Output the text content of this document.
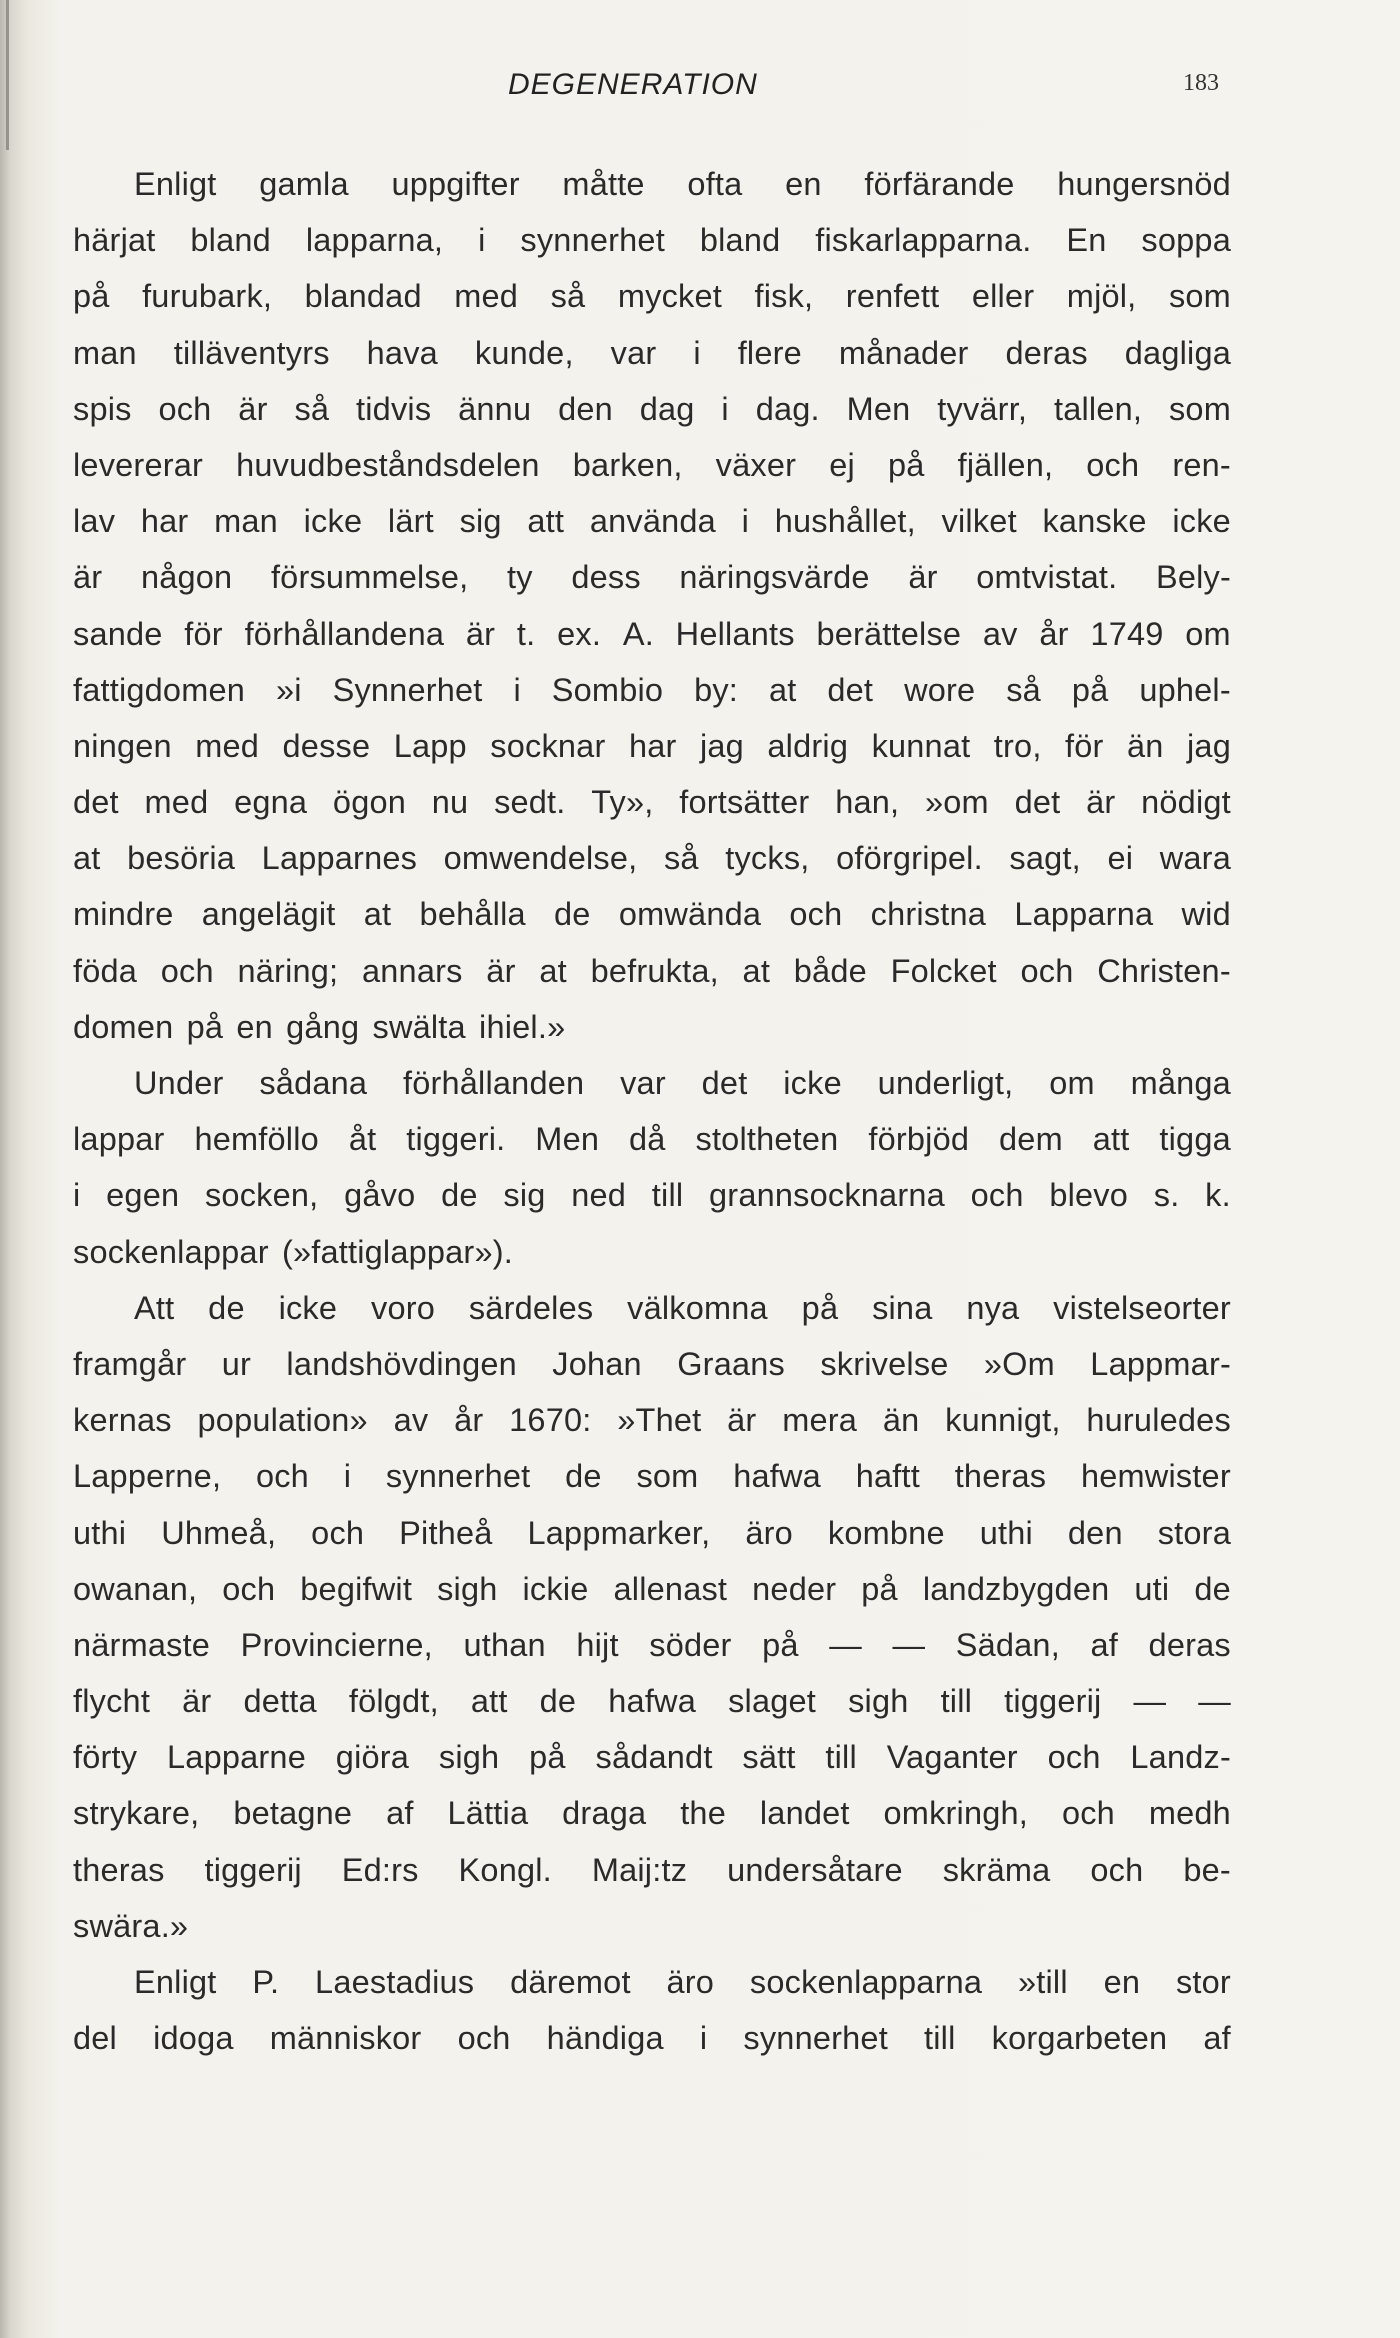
DEGENERATION	183
Enligt gamla uppgifter måtte ofta en förfärande hungersnöd
härjat bland lapparna, i synnerhet bland fiskarlapparna. En soppa
på furubark, blandad med så mycket fisk, renfett eller mjöl, som
man tilläventyrs hava kunde, var i flere månader deras dagliga
spis och är så tidvis ännu den dag i dag. Men tyvärr, tallen, som
levererar huvudbeståndsdelen barken, växer ej på fjällen, och ren-
lav har man icke lärt sig att använda i hushållet, vilket kanske icke
är någon försummelse, ty dess näringsvärde är omtvistat. Bely-
sande för förhållandena är t. ex. A. Hellants berättelse av år 1749 om
fattigdomen »i Synnerhet i Sombio by: at det wore så på uphel-
ningen med desse Lapp socknar har jag aldrig kunnat tro, för än jag
det med egna ögon nu sedt. Ty», fortsätter han, »om det är nödigt
at besöria Lapparnes omwendelse, så tycks, oförgripel. sagt, ei wara
mindre angelägit at behålla de omwända och christna Lapparna wid
föda och näring; annars är at befrukta, at både Folcket och Christen-
domen på en gång swälta ihiel.»
Under sådana förhållanden var det icke underligt, om många
lappar hemföllo åt tiggeri. Men då stoltheten förbjöd dem att tigga
i egen socken, gåvo de sig ned till grannsocknarna och blevo s. k.
sockenlappar (»fattiglappar»).
Att de icke voro särdeles välkomna på sina nya vistelseorter
framgår ur landshövdingen Johan Graans skrivelse »Om Lappmar-
kernas population» av år 1670: »Thet är mera än kunnigt, huruledes
Lapperne, och i synnerhet de som hafwa haftt theras hemwister
uthi Uhmeå, och Pitheå Lappmarker, äro kombne uthi den stora
owanan, och begifwit sigh ickie allenast neder på landzbygden uti de
närmaste Provincierne, uthan hijt söder på — — Sädan, af deras
flycht är detta fölgdt, att de hafwa slaget sigh till tiggerij — —
förty Lapparne giöra sigh på sådandt sätt till Vaganter och Landz-
strykare, betagne af Lättia draga the landet omkringh, och medh
theras tiggerij Ed:rs Kongl. Maij:tz undersåtare skräma och be-
swära.»
Enligt P. Laestadius däremot äro sockenlapparna »till en stor
del idoga människor och händiga i synnerhet till korgarbeten af
